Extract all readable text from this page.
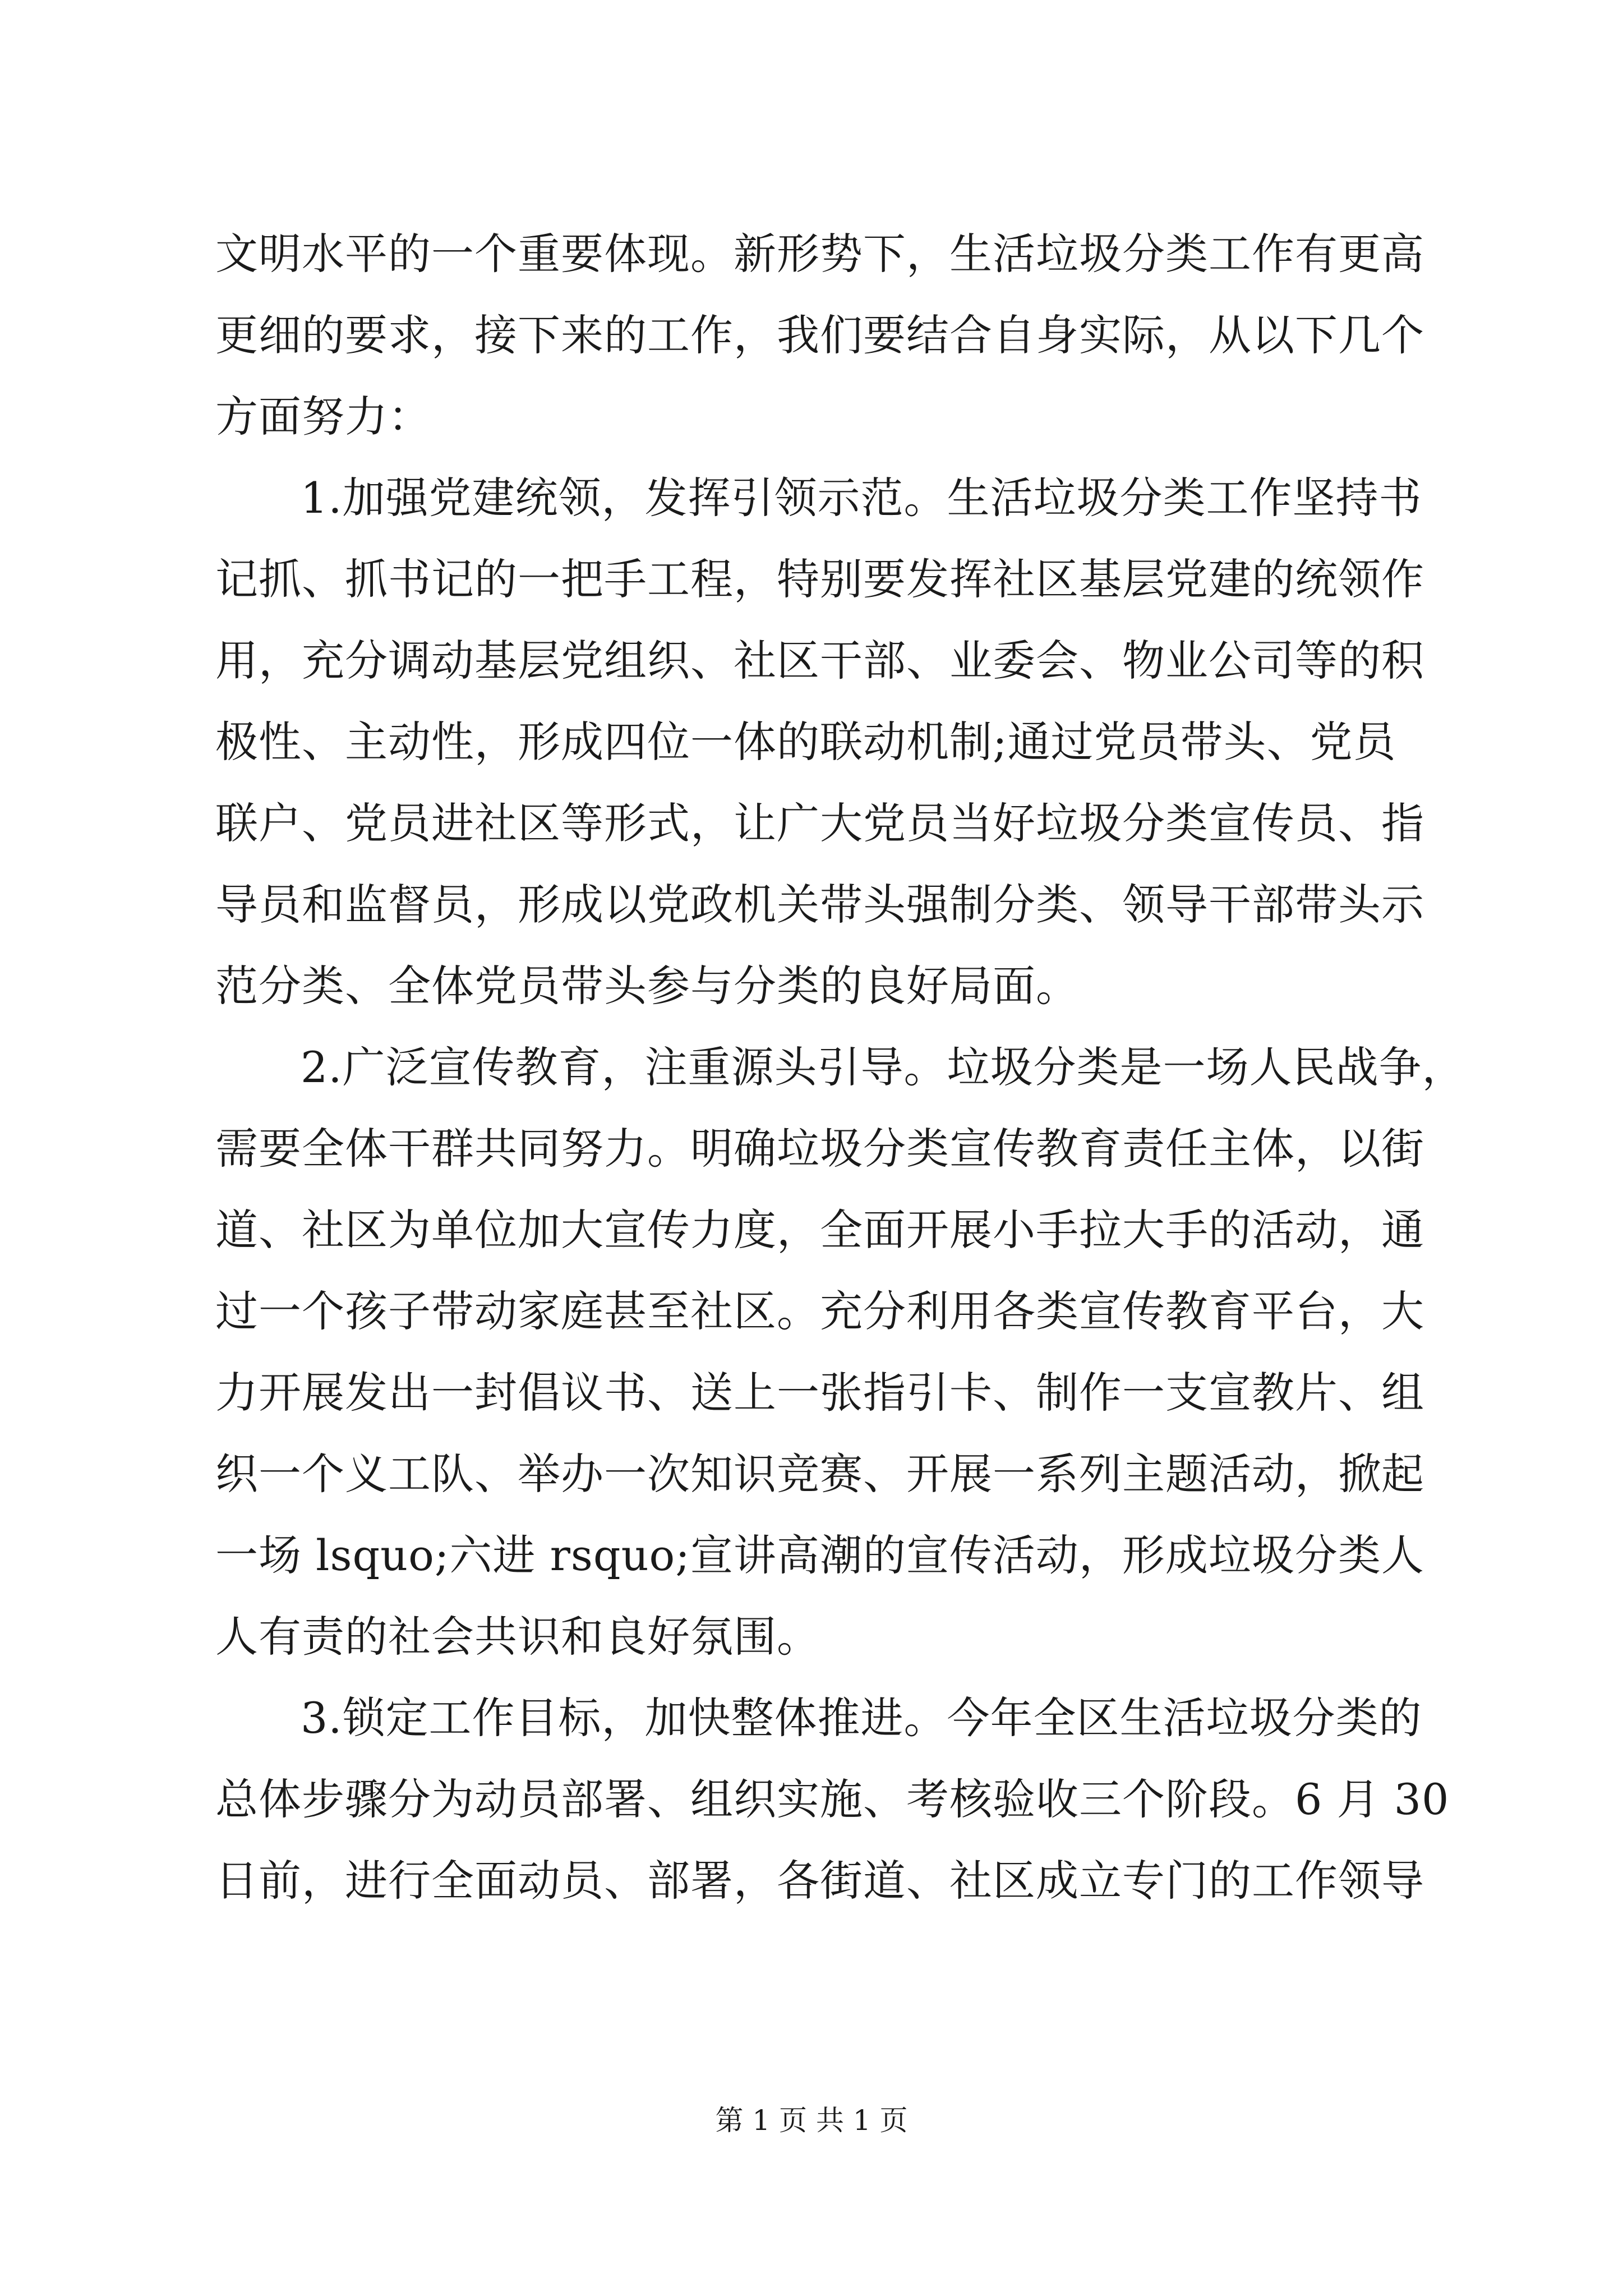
文明水平的一个重要体现。新形势下，生活垃圾分类工作有更高
更细的要求，接下来的工作，我们要结合自身实际，从以下几个
方面努力：
1.加强党建统领，发挥引领示范。生活垃圾分类工作坚持书
记抓、抓书记的一把手工程，特别要发挥社区基层党建的统领作
用，充分调动基层党组织、社区干部、业委会、物业公司等的积
极性、主动性，形成四位一体的联动机制;通过党员带头、党员
联户、党员进社区等形式，让广大党员当好垃圾分类宣传员、指
导员和监督员，形成以党政机关带头强制分类、领导干部带头示
范分类、全体党员带头参与分类的良好局面。
2.广泛宣传教育，注重源头引导。垃圾分类是一场人民战争，
需要全体干群共同努力。明确垃圾分类宣传教育责任主体，以街
道、社区为单位加大宣传力度，全面开展小手拉大手的活动，通
过一个孩子带动家庭甚至社区。充分利用各类宣传教育平台，大
力开展发出一封倡议书、送上一张指引卡、制作一支宣教片、组
织一个义工队、举办一次知识竞赛、开展一系列主题活动，掀起
一场 lsquo;六进 rsquo;宣讲高潮的宣传活动，形成垃圾分类人
人有责的社会共识和良好氛围。
3.锁定工作目标，加快整体推进。今年全区生活垃圾分类的
总体步骤分为动员部署、组织实施、考核验收三个阶段。6 月 30
日前，进行全面动员、部署，各街道、社区成立专门的工作领导
第 1 页 共 1 页
